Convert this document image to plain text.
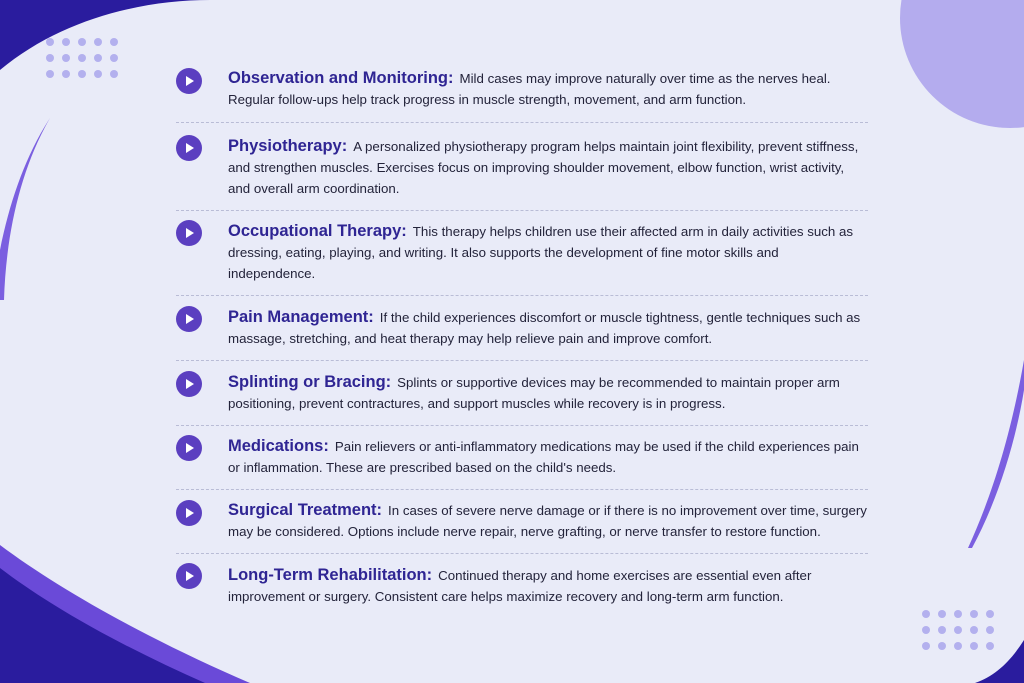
Observation and Monitoring: Mild cases may improve naturally over time as the nerves heal. Regular follow-ups help track progress in muscle strength, movement, and arm function.
Physiotherapy: A personalized physiotherapy program helps maintain joint flexibility, prevent stiffness, and strengthen muscles. Exercises focus on improving shoulder movement, elbow function, wrist activity, and overall arm coordination.
Occupational Therapy: This therapy helps children use their affected arm in daily activities such as dressing, eating, playing, and writing. It also supports the development of fine motor skills and independence.
Pain Management: If the child experiences discomfort or muscle tightness, gentle techniques such as massage, stretching, and heat therapy may help relieve pain and improve comfort.
Splinting or Bracing: Splints or supportive devices may be recommended to maintain proper arm positioning, prevent contractures, and support muscles while recovery is in progress.
Medications: Pain relievers or anti-inflammatory medications may be used if the child experiences pain or inflammation. These are prescribed based on the child's needs.
Surgical Treatment: In cases of severe nerve damage or if there is no improvement over time, surgery may be considered. Options include nerve repair, nerve grafting, or nerve transfer to restore function.
Long-Term Rehabilitation: Continued therapy and home exercises are essential even after improvement or surgery. Consistent care helps maximize recovery and long-term arm function.
